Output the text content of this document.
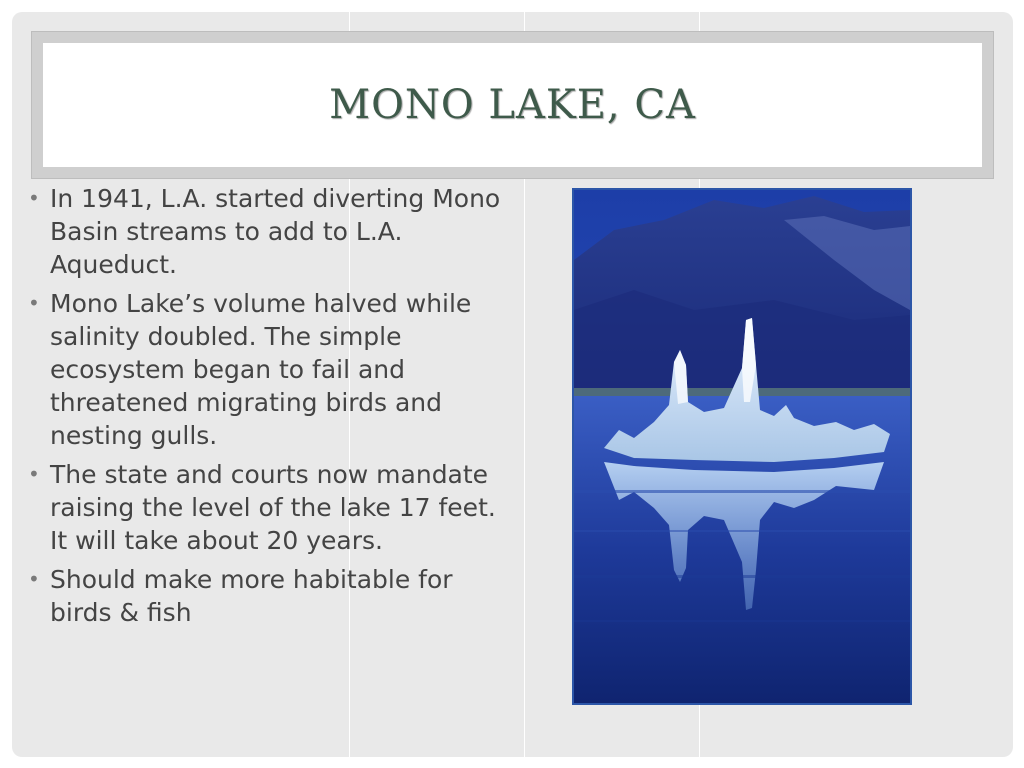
MONO LAKE, CA
• In 1941, L.A. started diverting Mono Basin streams to add to L.A. Aqueduct.
• Mono Lake’s volume halved while salinity doubled. The simple ecosystem began to fail and threatened migrating birds and nesting gulls.
• The state and courts now mandate raising the level of the lake 17 feet. It will take about 20 years.
• Should make more habitable for birds & fish
